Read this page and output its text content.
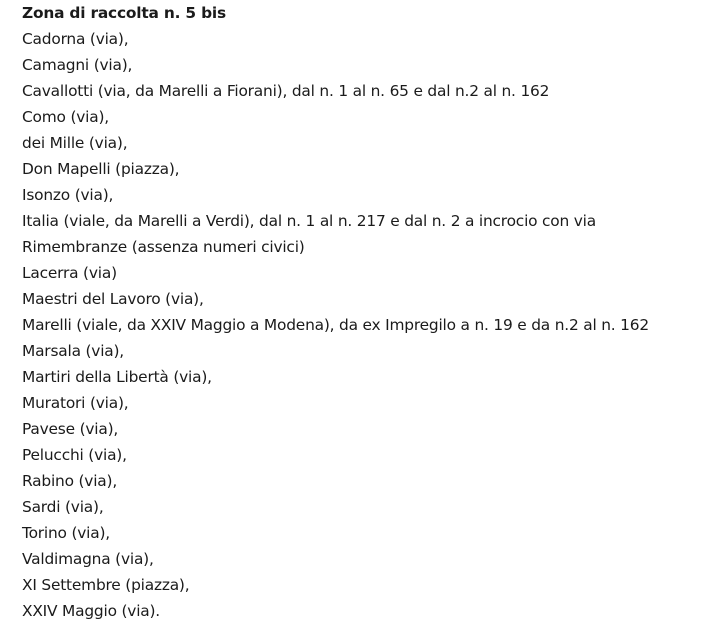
Zona di raccolta n. 5 bis

Cadorna (via),

Camagni (via),

Cavallotti (via, da Marelli a Fiorani), dal n. 1 al n. 65 e dal n.2 al n. 162

Como (via),

dei Mille (via),

Don Mapelli (piazza),

Isonzo (via),

Italia (viale, da Marelli a Verdi), dal n. 1 al n. 217 e dal n. 2 a incrocio con via Rimembranze (assenza numeri civici)

Lacerra (via)

Maestri del Lavoro (via),

Marelli (viale, da XXIV Maggio a Modena), da ex Impregilo a n. 19 e da n.2 al n. 162

Marsala (via),

Martiri della Libertà (via),

Muratori (via),

Pavese (via),

Pelucchi (via),

Rabino (via),

Sardi (via),

Torino (via),

Valdimagna (via),

XI Settembre (piazza),

XXIV Maggio (via).
